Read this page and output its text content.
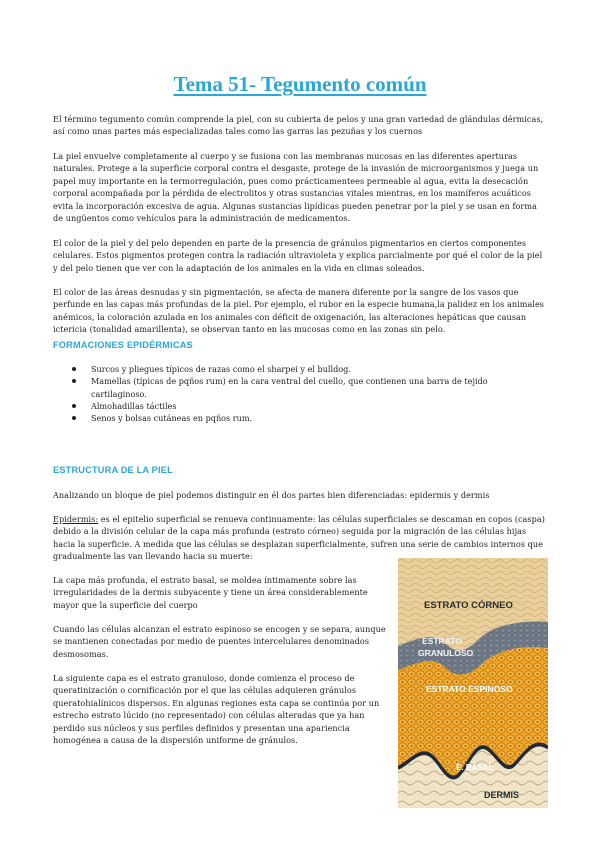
Tema 51- Tegumento común

El término tegumento común comprende la piel, con su cubierta de pelos y una gran variedad de glándulas dérmicas, así como unas partes más especializadas tales como las garras las pezuñas y los cuernos

La piel envuelve completamente al cuerpo y se fusiona con las membranas mucosas en las diferentes aperturas naturales. Protege a la superficie corporal contra el desgaste, protege de la invasión de microorganismos y juega un papel muy importante en la termorregulación, pues como prácticamentees permeable al agua, evita la desecación corporal acompañada por la pérdida de electrolitos y otras sustancias vitales mientras, en los mamíferos acuáticos evita la incorporación excesiva de agua. Algunas sustancias lipídicas pueden penetrar por la piel y se usan en forma de ungüentos como vehículos para la administración de medicamentos.

El color de la piel y del pelo dependen en parte de la presencia de gránulos pigmentarios en ciertos componentes celulares. Estos pigmentos protegen contra la radiación ultravioleta y explica parcialmente por qué el color de la piel y del pelo tienen que ver con la adaptación de los animales en la vida en climas soleados.

El color de las áreas desnudas y sin pigmentación, se afecta de manera diferente por la sangre de los vasos que perfunde en las capas más profundas de la piel. Por ejemplo, el rubor en la especie humana,la palidez en los animales anémicos, la coloración azulada en los animales con déficit de oxigenación, las alteraciones hepáticas que causan ictericia (tonalidad amarillenta), se observan tanto en las mucosas como en las zonas sin pelo.

FORMACIONES EPIDÉRMICAS
Surcos y pliegues típicos de razas como el sharpei y el bulldog.
Mamellas (típicas de pqños rum) en la cara ventral del cuello, que contienen una barra de tejido cartilaginoso.
Almohadillas táctiles
Senos y bolsas cutáneas en pqños rum.
ESTRUCTURA DE LA PIEL

Analizando un bloque de piel podemos distinguir en él dos partes bien diferenciadas: epidermis y dermis

Epidermis: es el epitelio superficial se renueva continuamente: las células superficiales se descaman en copos (caspa) debido a la división celular de la capa más profunda (estrato córneo) seguida por la migración de las células hijas hacia la superficie. A medida que las células se desplazan superficialmente, sufren una serie de cambios internos que gradualmente las van llevando hacia su muerte:

La capa más profunda, el estrato basal, se moldea íntimamente sobre las irregularidades de la dermis subyacente y tiene un área considerablemente mayor que la superficie del cuerpo

Cuando las células alcanzan el estrato espinoso se encogen y se separa, aunque se mantienen conectadas por medio de puentes intercelulares denominados desmosomas.

La siguiente capa es el estrato granuloso, donde comienza el proceso de queratinización o cornificación por el que las células adquieren gránulos queratohialínicos dispersos. En algunas regiones esta capa se continúa por un estrecho estrato lúcido (no representado) con células alteradas que ya han perdido sus núcleos y sus perfiles definidos y presentan una apariencia homogénea a causa de la dispersión uniforme de gránulos.

ESTRATO CÓRNEO
ESTRATO
GRANULOSO
ESTRATO ESPINOSO
E. BASAL
DERMIS
